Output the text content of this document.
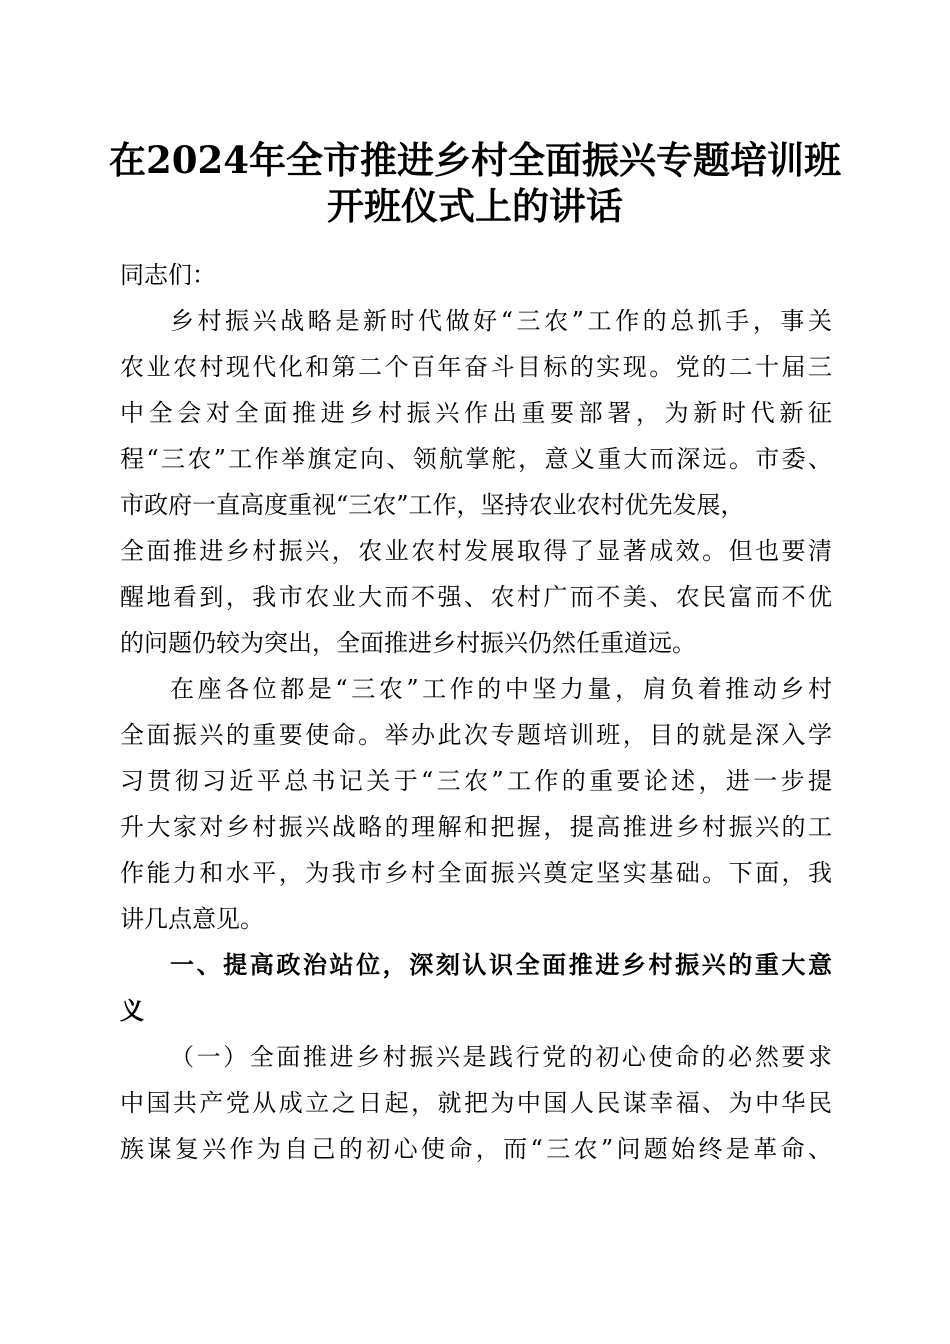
在2024年全市推进乡村全面振兴专题培训班
开班仪式上的讲话
同志们：
乡村振兴战略是新时代做好“三农”工作的总抓手，事关
农业农村现代化和第二个百年奋斗目标的实现。党的二十届三
中全会对全面推进乡村振兴作出重要部署，为新时代新征
程“三农”工作举旗定向、领航掌舵，意义重大而深远。市委、
市政府一直高度重视“三农”工作，坚持农业农村优先发展，
全面推进乡村振兴，农业农村发展取得了显著成效。但也要清
醒地看到，我市农业大而不强、农村广而不美、农民富而不优
的问题仍较为突出，全面推进乡村振兴仍然任重道远。
在座各位都是“三农”工作的中坚力量，肩负着推动乡村
全面振兴的重要使命。举办此次专题培训班，目的就是深入学
习贯彻习近平总书记关于“三农”工作的重要论述，进一步提
升大家对乡村振兴战略的理解和把握，提高推进乡村振兴的工
作能力和水平，为我市乡村全面振兴奠定坚实基础。下面，我
讲几点意见。
一、提高政治站位，深刻认识全面推进乡村振兴的重大意
义
（一）全面推进乡村振兴是践行党的初心使命的必然要求
中国共产党从成立之日起，就把为中国人民谋幸福、为中华民
族谋复兴作为自己的初心使命，而“三农”问题始终是革命、
